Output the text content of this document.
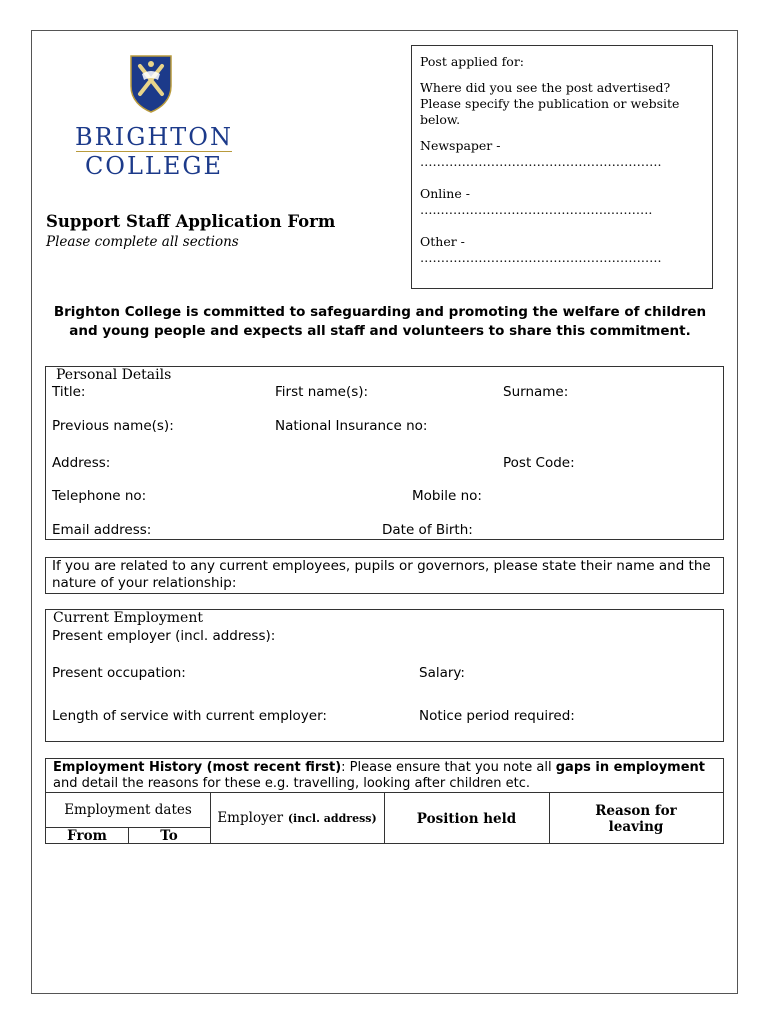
BRIGHTON
COLLEGE
Support Staff Application Form
Please complete all sections
Post applied for:
Where did you see the post advertised? Please specify the publication or website below.
Newspaper -
………………………………………………….
Online -
…..…………………………………..……….
Other -
………………………………………………….
Brighton College is committed to safeguarding and promoting the welfare of children and young people and expects all staff and volunteers to share this commitment.
Personal Details
Title:	First name(s):	Surname:
Previous name(s):	National Insurance no:
Address:	Post Code:
Telephone no:	Mobile no:
Email address:	Date of Birth:
If you are related to any current employees, pupils or governors, please state their name and the nature of your relationship:
Current Employment
Present employer (incl. address):
Present occupation:	Salary:
Length of service with current employer:	Notice period required:
Employment History (most recent first): Please ensure that you note all gaps in employment and detail the reasons for these e.g. travelling, looking after children etc.
Employment dates
From	To
Employer (incl. address)	Position held	Reason for leaving
